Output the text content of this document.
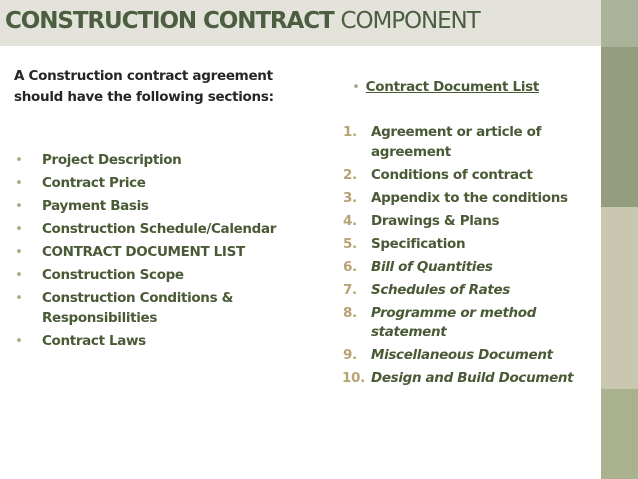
CONSTRUCTION CONTRACT COMPONENT

A Construction contract agreement should have the following sections:

• Project Description
• Contract Price
• Payment Basis
• Construction Schedule/Calendar
• CONTRACT DOCUMENT LIST
• Construction Scope
• Construction Conditions & Responsibilities
• Contract Laws

• Contract Document List

1. Agreement or article of agreement
2. Conditions of contract
3. Appendix to the conditions
4. Drawings & Plans
5. Specification
6. Bill of Quantities
7. Schedules of Rates
8. Programme or method statement
9. Miscellaneous Document
10. Design and Build Document
